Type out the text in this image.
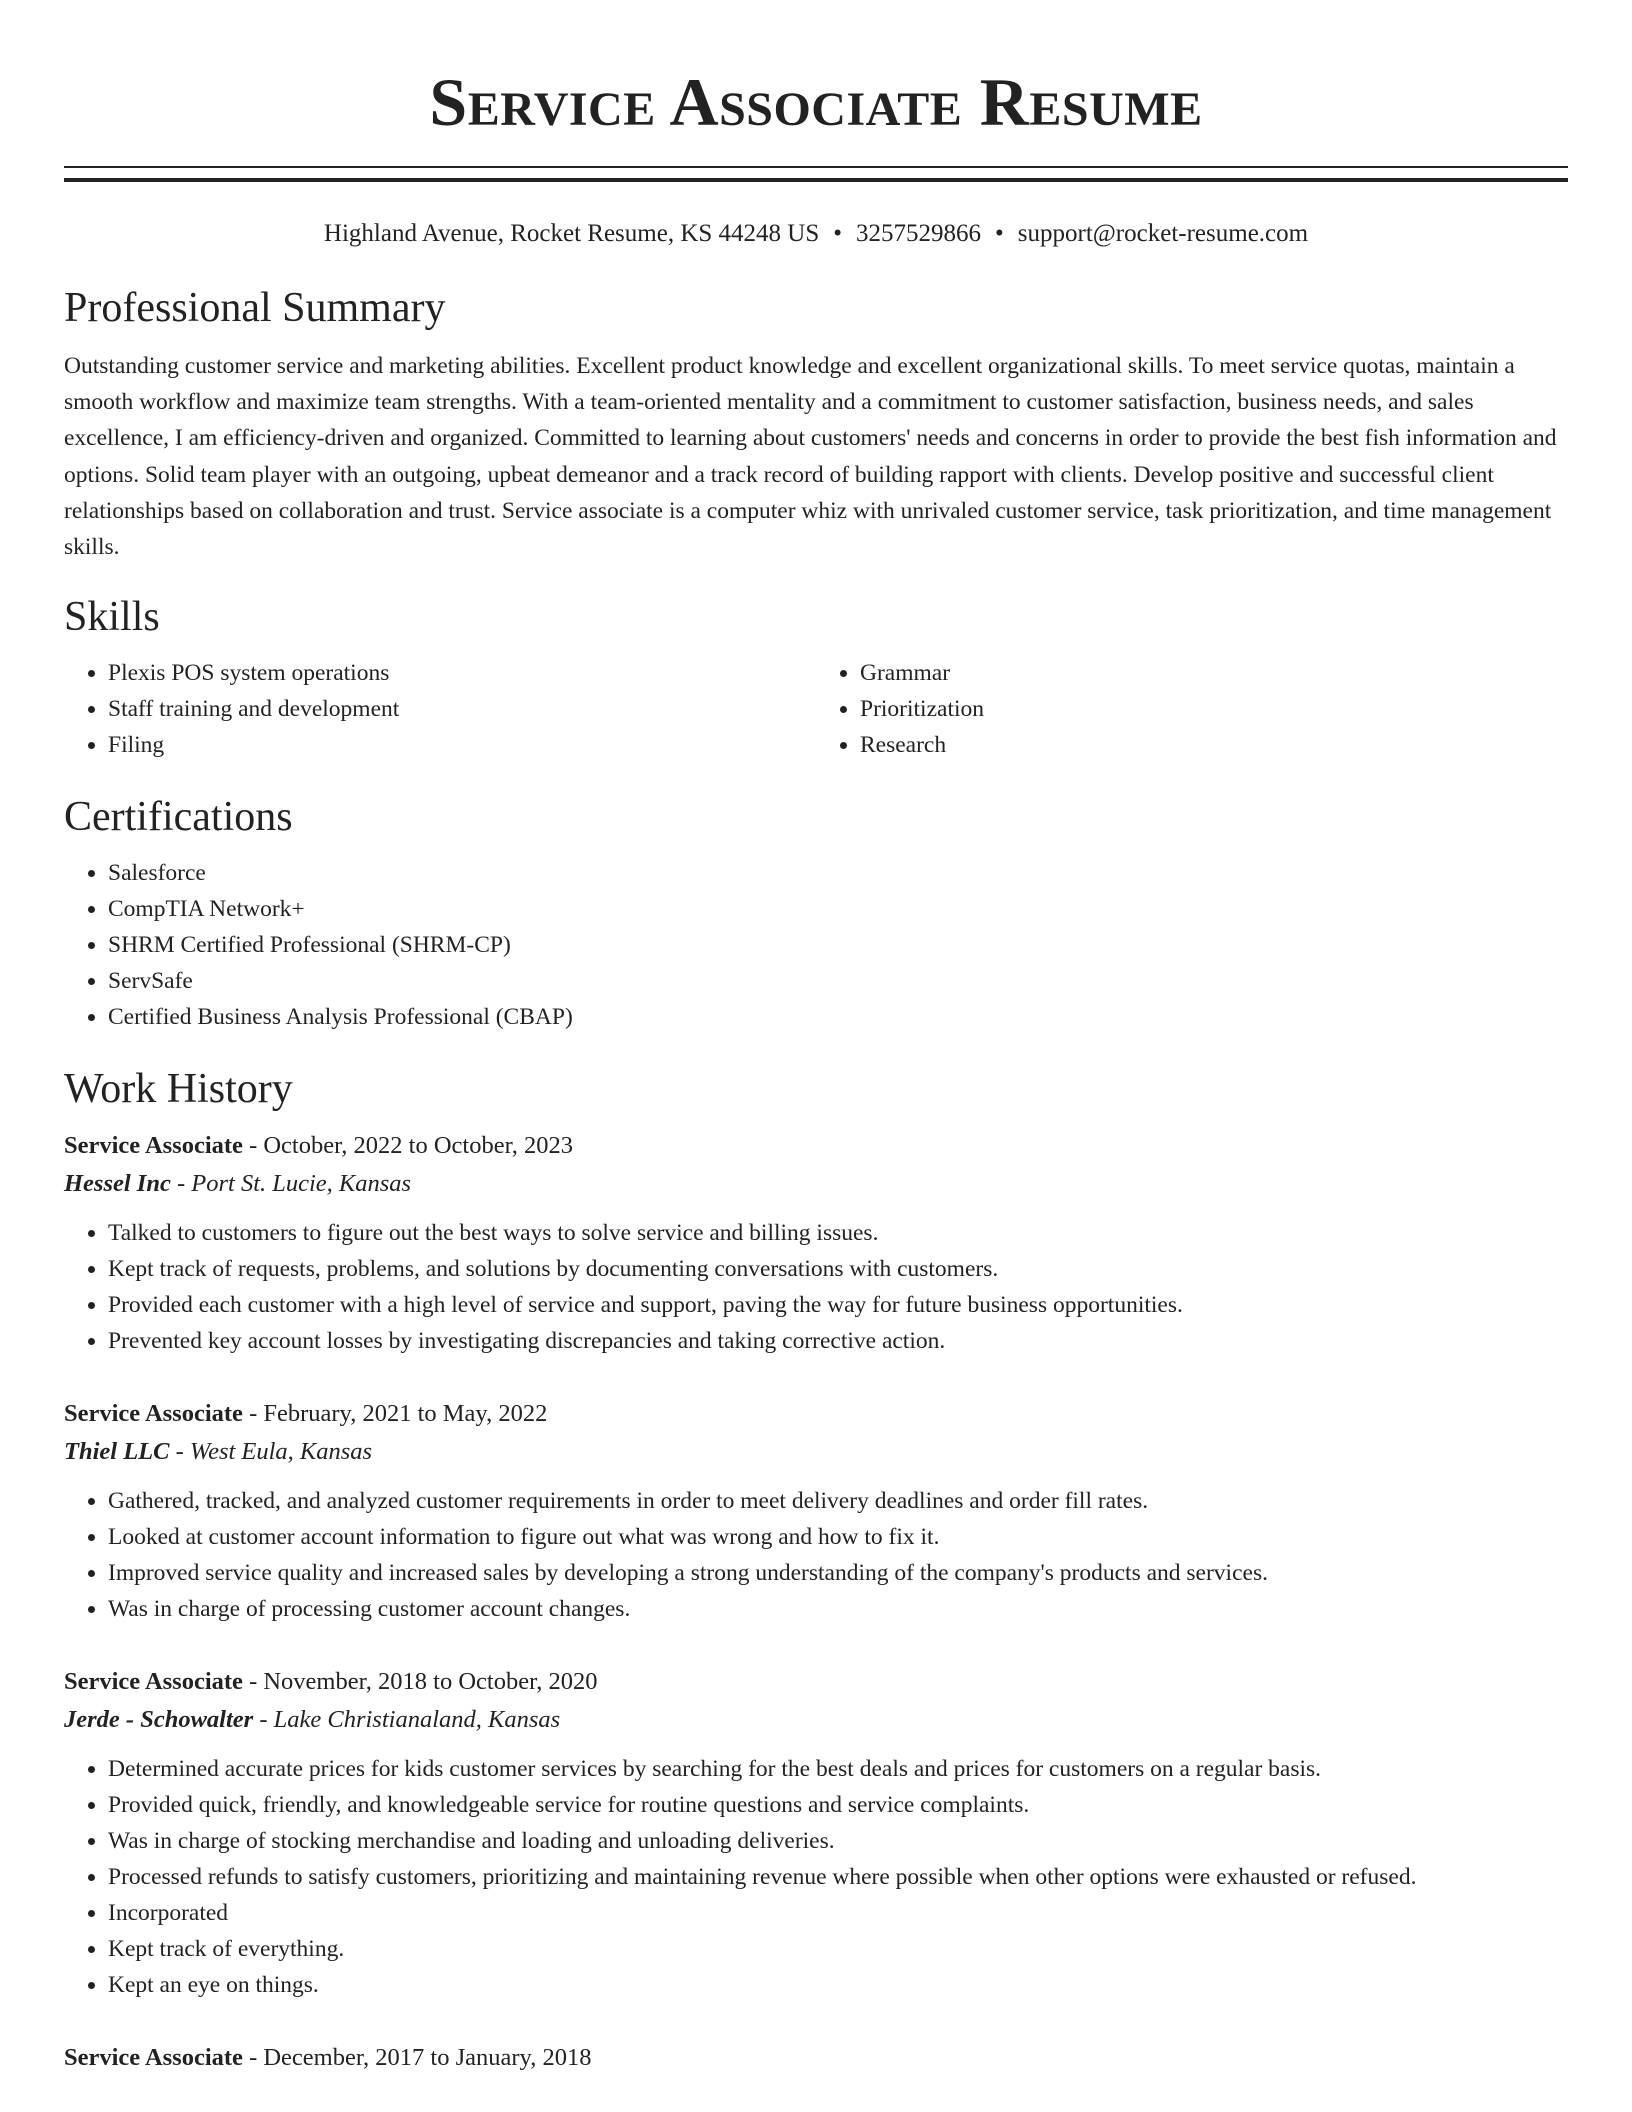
Service Associate Resume
Highland Avenue, Rocket Resume, KS 44248 US • 3257529866 • support@rocket-resume.com
Professional Summary

Outstanding customer service and marketing abilities. Excellent product knowledge and excellent organizational skills. To meet service quotas, maintain a smooth workflow and maximize team strengths. With a team-oriented mentality and a commitment to customer satisfaction, business needs, and sales excellence, I am efficiency-driven and organized. Committed to learning about customers' needs and concerns in order to provide the best fish information and options. Solid team player with an outgoing, upbeat demeanor and a track record of building rapport with clients. Develop positive and successful client relationships based on collaboration and trust. Service associate is a computer whiz with unrivaled customer service, task prioritization, and time management skills.

Skills
• Plexis POS system operations
• Staff training and development
• Filing
• Grammar
• Prioritization
• Research
Certifications
• Salesforce
• CompTIA Network+
• SHRM Certified Professional (SHRM-CP)
• ServSafe
• Certified Business Analysis Professional (CBAP)
Work History
Service Associate - October, 2022 to October, 2023
Hessel Inc - Port St. Lucie, Kansas
• Talked to customers to figure out the best ways to solve service and billing issues.
• Kept track of requests, problems, and solutions by documenting conversations with customers.
• Provided each customer with a high level of service and support, paving the way for future business opportunities.
• Prevented key account losses by investigating discrepancies and taking corrective action.
Service Associate - February, 2021 to May, 2022
Thiel LLC - West Eula, Kansas
• Gathered, tracked, and analyzed customer requirements in order to meet delivery deadlines and order fill rates.
• Looked at customer account information to figure out what was wrong and how to fix it.
• Improved service quality and increased sales by developing a strong understanding of the company's products and services.
• Was in charge of processing customer account changes.
Service Associate - November, 2018 to October, 2020
Jerde - Schowalter - Lake Christianaland, Kansas
• Determined accurate prices for kids customer services by searching for the best deals and prices for customers on a regular basis.
• Provided quick, friendly, and knowledgeable service for routine questions and service complaints.
• Was in charge of stocking merchandise and loading and unloading deliveries.
• Processed refunds to satisfy customers, prioritizing and maintaining revenue where possible when other options were exhausted or refused.
• Incorporated
• Kept track of everything.
• Kept an eye on things.
Service Associate - December, 2017 to January, 2018
